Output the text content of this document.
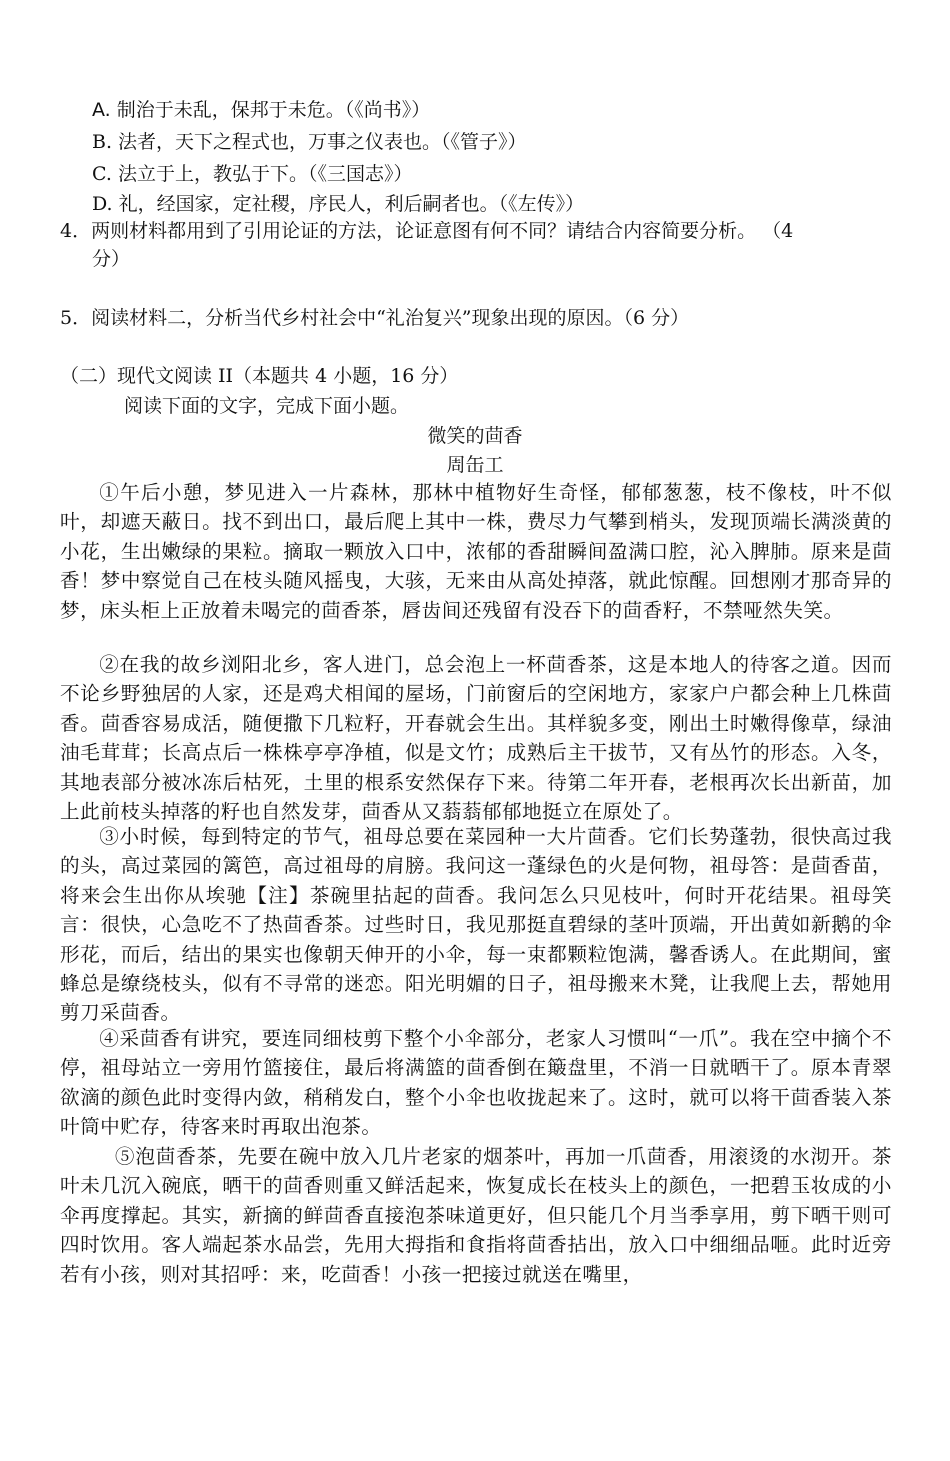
A. 制治于未乱，保邦于未危。（《尚书》）
B. 法者，天下之程式也，万事之仪表也。（《管子》）
C. 法立于上，教弘于下。（《三国志》）
D. 礼，经国家，定社稷，序民人，利后嗣者也。（《左传》）
4．两则材料都用到了引用论证的方法，论证意图有何不同？请结合内容简要分析。 （4
分）
5．阅读材料二，分析当代乡村社会中“礼治复兴”现象出现的原因。（6 分）
（二）现代文阅读 II（本题共 4 小题，16 分）
阅读下面的文字，完成下面小题。
微笑的茴香
周缶工
①午后小憩，梦见进入一片森林，那林中植物好生奇怪，郁郁葱葱，枝不像枝，叶不似叶，却遮天蔽日。找不到出口，最后爬上其中一株，费尽力气攀到梢头，发现顶端长满淡黄的小花，生出嫩绿的果粒。摘取一颗放入口中，浓郁的香甜瞬间盈满口腔，沁入脾肺。原来是茴香！梦中察觉自己在枝头随风摇曳，大骇，无来由从高处掉落，就此惊醒。回想刚才那奇异的梦，床头柜上正放着未喝完的茴香茶，唇齿间还残留有没吞下的茴香籽，不禁哑然失笑。
②在我的故乡浏阳北乡，客人进门，总会泡上一杯茴香茶，这是本地人的待客之道。因而不论乡野独居的人家，还是鸡犬相闻的屋场，门前窗后的空闲地方，家家户户都会种上几株茴香。茴香容易成活，随便撒下几粒籽，开春就会生出。其样貌多变，刚出土时嫩得像草，绿油油毛茸茸；长高点后一株株亭亭净植，似是文竹；成熟后主干拔节，又有丛竹的形态。入冬，其地表部分被冰冻后枯死，土里的根系安然保存下来。待第二年开春，老根再次长出新苗，加上此前枝头掉落的籽也自然发芽，茴香从又蓊蓊郁郁地挺立在原处了。
③小时候，每到特定的节气，祖母总要在菜园种一大片茴香。它们长势蓬勃，很快高过我的头，高过菜园的篱笆，高过祖母的肩膀。我问这一蓬绿色的火是何物，祖母答：是茴香苗，将来会生出你从埃驰【注】茶碗里拈起的茴香。我问怎么只见枝叶，何时开花结果。祖母笑言：很快，心急吃不了热茴香茶。过些时日，我见那挺直碧绿的茎叶顶端，开出黄如新鹅的伞形花，而后，结出的果实也像朝天伸开的小伞，每一束都颗粒饱满，馨香诱人。在此期间，蜜蜂总是缭绕枝头，似有不寻常的迷恋。阳光明媚的日子，祖母搬来木凳，让我爬上去，帮她用剪刀采茴香。
④采茴香有讲究，要连同细枝剪下整个小伞部分，老家人习惯叫“一爪”。我在空中摘个不停，祖母站立一旁用竹篮接住，最后将满篮的茴香倒在簸盘里，不消一日就晒干了。原本青翠欲滴的颜色此时变得内敛，稍稍发白，整个小伞也收拢起来了。这时，就可以将干茴香装入茶叶筒中贮存，待客来时再取出泡茶。
⑤泡茴香茶，先要在碗中放入几片老家的烟茶叶，再加一爪茴香，用滚烫的水沏开。茶叶未几沉入碗底，晒干的茴香则重又鲜活起来，恢复成长在枝头上的颜色，一把碧玉妆成的小伞再度撑起。其实，新摘的鲜茴香直接泡茶味道更好，但只能几个月当季享用，剪下晒干则可四时饮用。客人端起茶水品尝，先用大拇指和食指将茴香拈出，放入口中细细品咂。此时近旁若有小孩，则对其招呼：来，吃茴香！小孩一把接过就送在嘴里，
